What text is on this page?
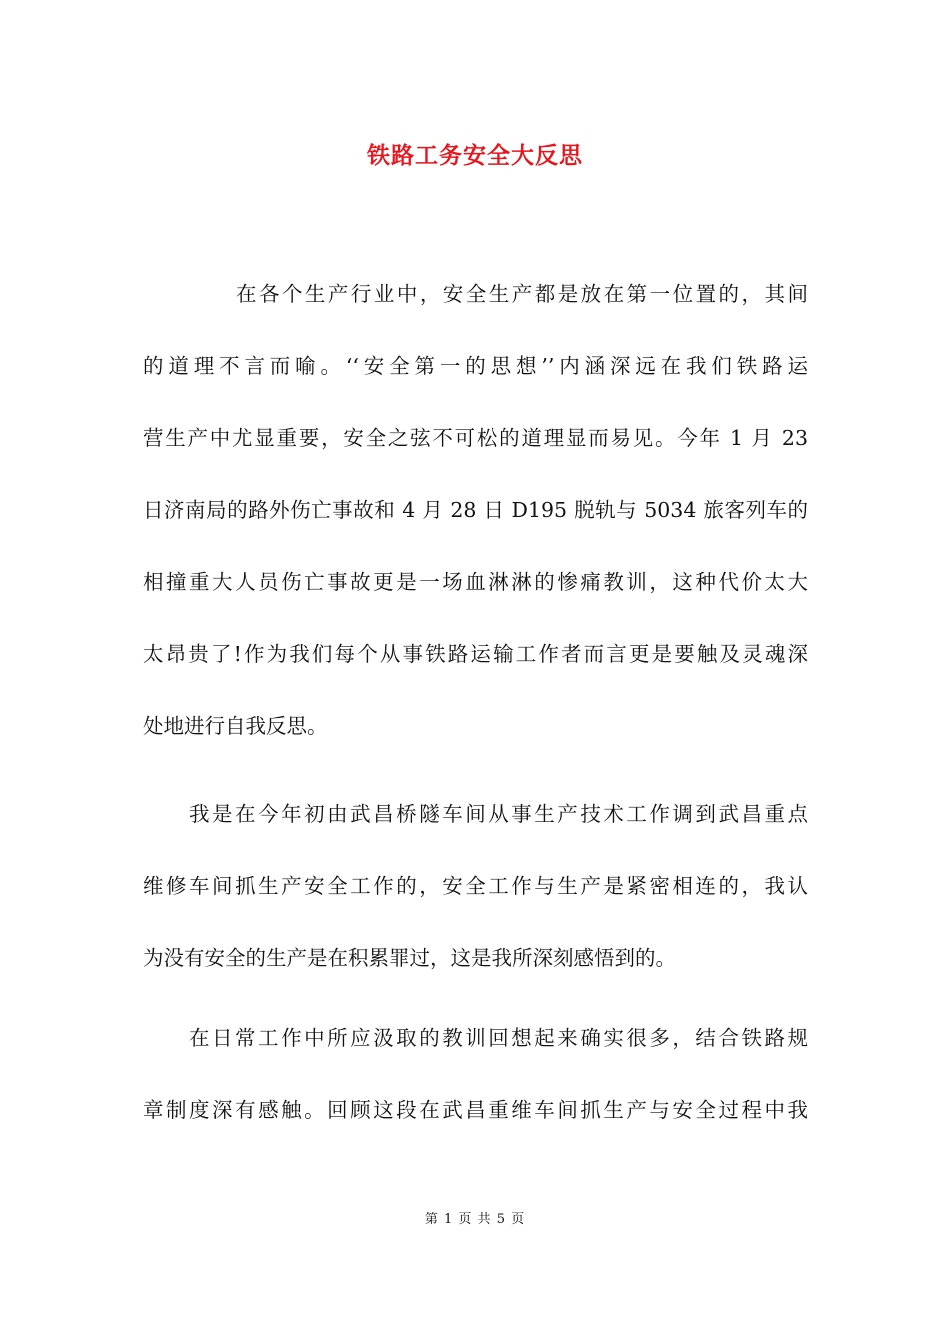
铁路工务安全大反思
在各个生产行业中，安全生产都是放在第一位置的，其间
的道理不言而喻。‘‘安全第一的思想’’内涵深远在我们铁路运
营生产中尤显重要，安全之弦不可松的道理显而易见。今年 1 月 23
日济南局的路外伤亡事故和 4 月 28 日 D195 脱轨与 5034 旅客列车的
相撞重大人员伤亡事故更是一场血淋淋的惨痛教训，这种代价太大
太昂贵了!作为我们每个从事铁路运输工作者而言更是要触及灵魂深
处地进行自我反思。
我是在今年初由武昌桥隧车间从事生产技术工作调到武昌重点
维修车间抓生产安全工作的，安全工作与生产是紧密相连的，我认
为没有安全的生产是在积累罪过，这是我所深刻感悟到的。
在日常工作中所应汲取的教训回想起来确实很多，结合铁路规
章制度深有感触。回顾这段在武昌重维车间抓生产与安全过程中我
第 1 页 共 5 页
